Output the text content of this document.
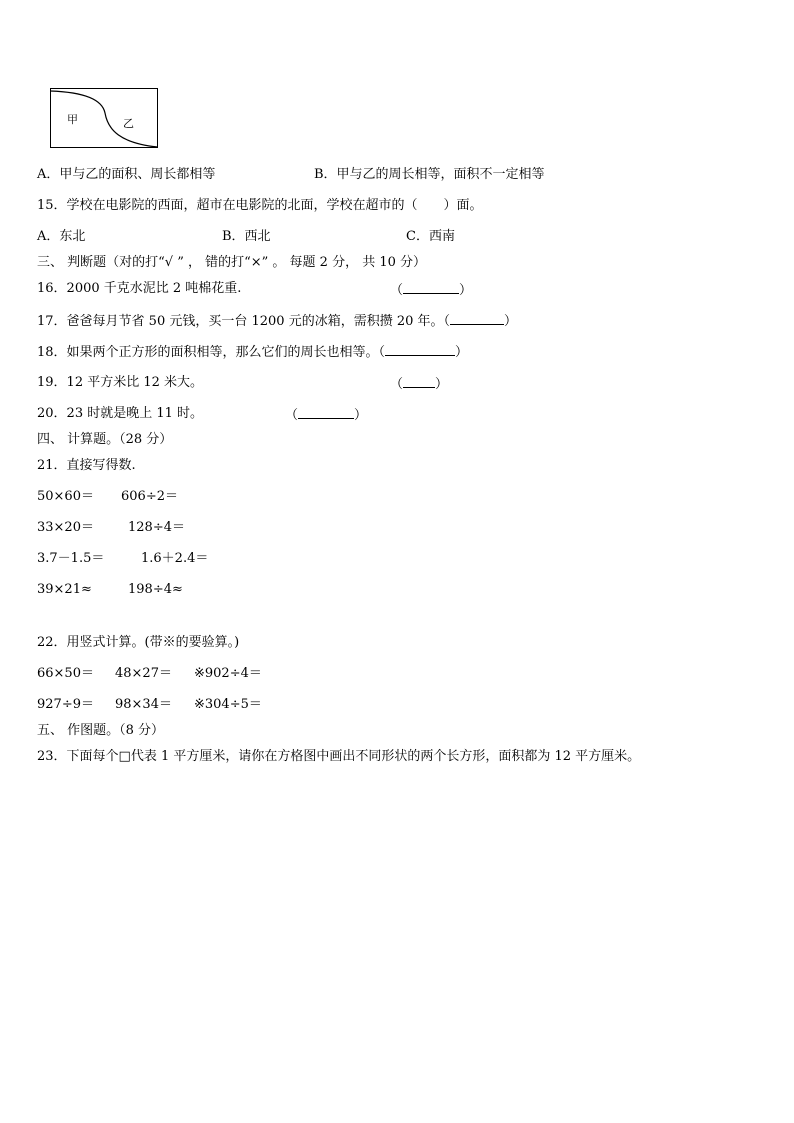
甲	乙
A．甲与乙的面积、周长都相等	B．甲与乙的周长相等，面积不一定相等
15．学校在电影院的西面，超市在电影院的北面，学校在超市的（　　）面。
A．东北	B．西北	C．西南
三、 判断题（对的打“√ ” ， 错的打“×” 。 每题 2 分， 共 10 分）
16．2000 千克水泥比 2 吨棉花重.	（	）
17．爸爸每月节省 50 元钱，买一台 1200 元的冰箱，需积攒 20 年。（	）
18．如果两个正方形的面积相等，那么它们的周长也相等。（	）
19．12 平方米比 12 米大。	（ ）
20．23 时就是晚上 11 时。	（	）
四、 计算题。（28 分）
21．直接写得数.
50×60＝ 606÷2＝
33×20＝	128÷4＝
3.7－1.5＝	1.6＋2.4＝
39×21≈	198÷4≈
22．用竖式计算。(带※的要验算。)
66×50＝ 48×27＝ ※902÷4＝
927÷9＝ 98×34＝ ※304÷5＝
五、 作图题。（8 分）
23．下面每个□代表 1 平方厘米，请你在方格图中画出不同形状的两个长方形，面积都为 12 平方厘米。
